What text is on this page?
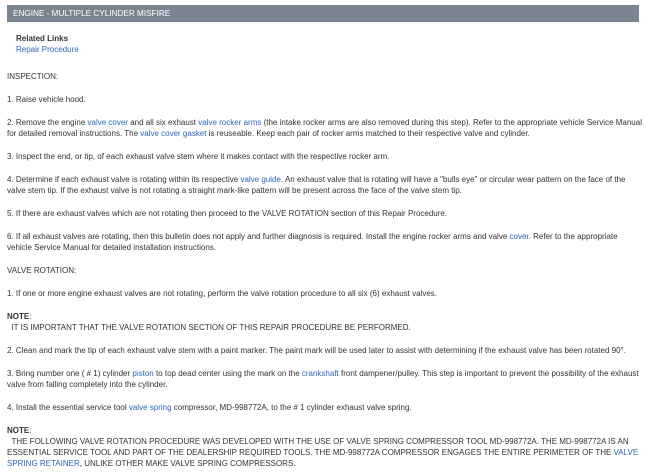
ENGINE - MULTIPLE CYLINDER MISFIRE
Related Links
Repair Procedure
INSPECTION:
1. Raise vehicle hood.
2. Remove the engine valve cover and all six exhaust valve rocker arms (the intake rocker arms are also removed during this step). Refer to the appropriate vehicle Service Manual for detailed removal instructions. The valve cover gasket is reuseable. Keep each pair of rocker arms matched to their respective valve and cylinder.
3. Inspect the end, or tip, of each exhaust valve stem where it makes contact with the respective rocker arm.
4. Determine if each exhaust valve is rotating within its respective valve guide. An exhaust valve that is rotating will have a "bulls eye" or circular wear pattern on the face of the valve stem tip. If the exhaust valve is not rotating a straight mark-like pattern will be present across the face of the valve stem tip.
5. If there are exhaust valves which are not rotating then proceed to the VALVE ROTATION section of this Repair Procedure.
6. If all exhaust valves are rotating, then this bulletin does not apply and further diagnosis is required. Install the engine rocker arms and valve cover. Refer to the appropriate vehicle Service Manual for detailed installation instructions.
VALVE ROTATION:
1. If one or more engine exhaust valves are not rotating, perform the valve rotation procedure to all six (6) exhaust valves.
NOTE:
IT IS IMPORTANT THAT THE VALVE ROTATION SECTION OF THIS REPAIR PROCEDURE BE PERFORMED.
2. Clean and mark the tip of each exhaust valve stem with a paint marker. The paint mark will be used later to assist with determining if the exhaust valve has been rotated 90°.
3. Bring number one ( # 1) cylinder piston to top dead center using the mark on the crankshaft front dampener/pulley. This step is important to prevent the possibility of the exhaust valve from falling completely into the cylinder.
4. Install the essential service tool valve spring compressor, MD-998772A, to the # 1 cylinder exhaust valve spring.
NOTE:
THE FOLLOWING VALVE ROTATION PROCEDURE WAS DEVELOPED WITH THE USE OF VALVE SPRING COMPRESSOR TOOL MD-998772A. THE MD-998772A IS AN ESSENTIAL SERVICE TOOL AND PART OF THE DEALERSHIP REQUIRED TOOLS. THE MD-998772A COMPRESSOR ENGAGES THE ENTIRE PERIMETER OF THE VALVE SPRING RETAINER, UNLIKE OTHER MAKE VALVE SPRING COMPRESSORS.
